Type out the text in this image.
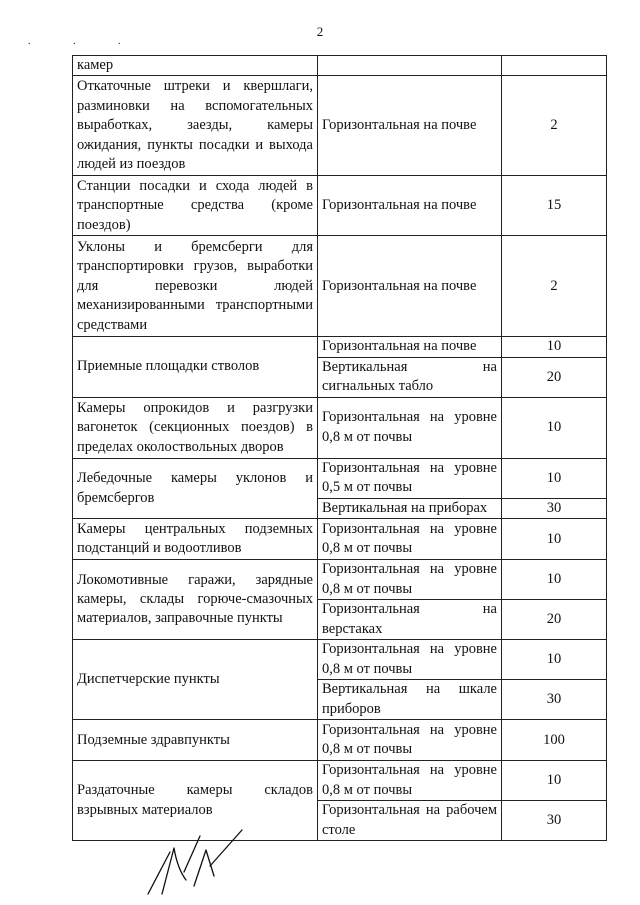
. . .
2
камер		
Откаточные штреки и квершлаги, разминовки на вспомогательных выработках, заезды, камеры ожидания, пункты посадки и выхода людей из поездов	Горизонтальная на почве	2
Станции посадки и схода людей в транспортные средства (кроме поездов)	Горизонтальная на почве	15
Уклоны и бремсберги для транспортировки грузов, выработки для перевозки людей механизированными транспортными средствами	Горизонтальная на почве	2
Приемные площадки стволов	Горизонтальная на почве	10
	Вертикальная на сигнальных табло	20
Камеры опрокидов и разгрузки вагонеток (секционных поездов) в пределах околоствольных дворов	Горизонтальная на уровне 0,8 м от почвы	10
Лебедочные камеры уклонов и бремсбергов	Горизонтальная на уровне 0,5 м от почвы	10
	Вертикальная на приборах	30
Камеры центральных подземных подстанций и водоотливов	Горизонтальная на уровне 0,8 м от почвы	10
Локомотивные гаражи, зарядные камеры, склады горюче-смазочных материалов, заправочные пункты	Горизонтальная на уровне 0,8 м от почвы	10
	Горизонтальная на верстаках	20
Диспетчерские пункты	Горизонтальная на уровне 0,8 м от почвы	10
	Вертикальная на шкале приборов	30
Подземные здравпункты	Горизонтальная на уровне 0,8 м от почвы	100
Раздаточные камеры складов взрывных материалов	Горизонтальная на уровне 0,8 м от почвы	10
	Горизонтальная на рабочем столе	30
